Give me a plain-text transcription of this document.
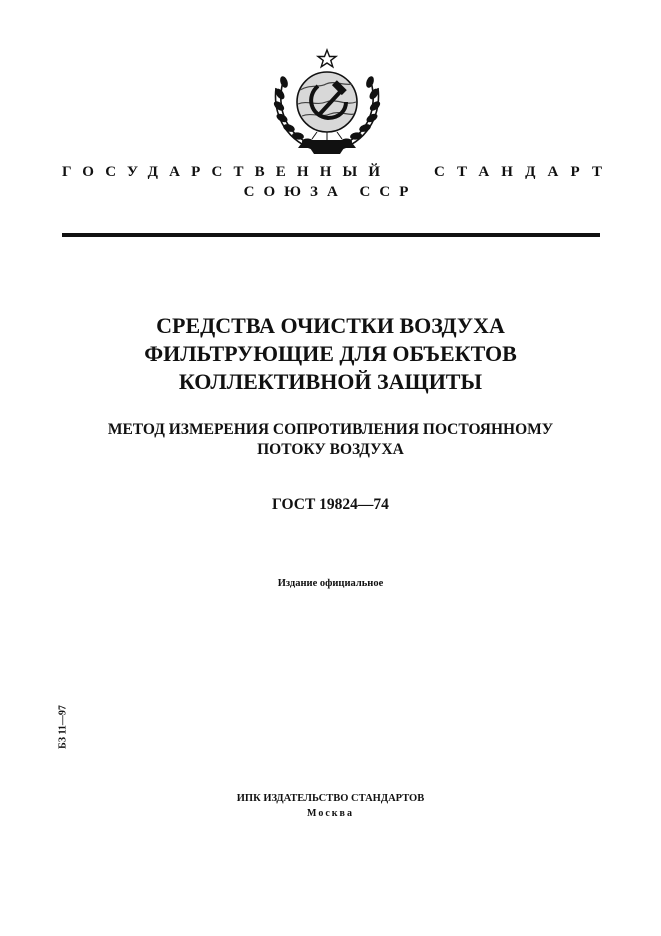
ГОСУДАРСТВЕННЫЙ	СТАНДАРТ
СОЮЗА ССР
СРЕДСТВА ОЧИСТКИ ВОЗДУХА
ФИЛЬТРУЮЩИЕ ДЛЯ ОБЪЕКТОВ
КОЛЛЕКТИВНОЙ ЗАЩИТЫ
МЕТОД ИЗМЕРЕНИЯ СОПРОТИВЛЕНИЯ ПОСТОЯННОМУ
ПОТОКУ ВОЗДУХА
ГОСТ 19824—74
Издание официальное
БЗ 11—97
ИПК ИЗДАТЕЛЬСТВО СТАНДАРТОВ
Москва
